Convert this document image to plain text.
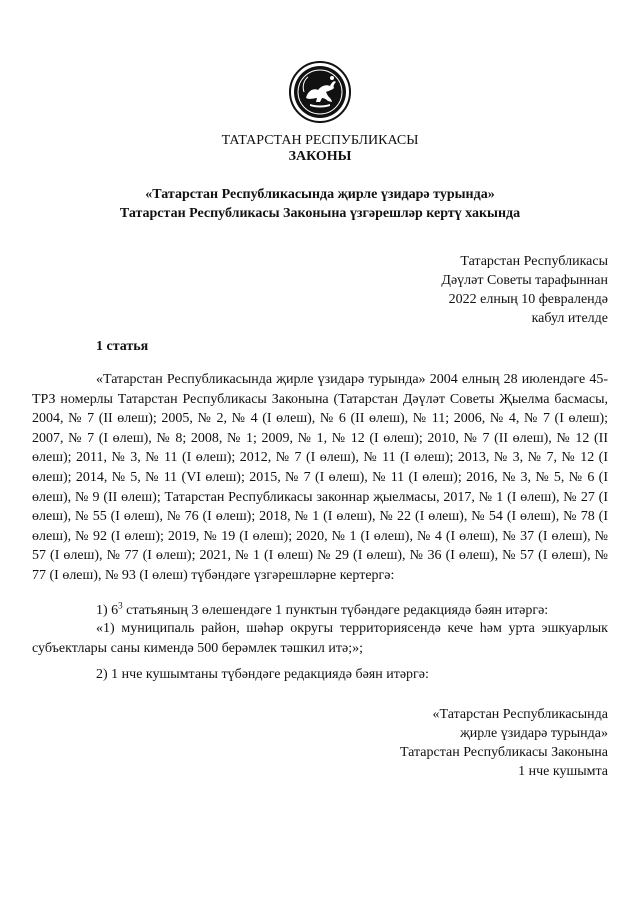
ТАТАРСТАН РЕСПУБЛИКАСЫ
ЗАКОНЫ
«Татарстан Республикасында җирле үзидарә турында»
Татарстан Республикасы Законына үзгәрешләр кертү хакында
Татарстан Республикасы
Дәүләт Советы тарафыннан
2022 елның 10 февралендә
кабул ителде
1 статья
«Татарстан Республикасында җирле үзидарә турында» 2004 елның 28 июлендәге 45-ТРЗ номерлы Татарстан Республикасы Законына (Татарстан Дәүләт Советы Җыелма басмасы, 2004, № 7 (II өлеш); 2005, № 2, № 4 (I өлеш), № 6 (II өлеш), № 11; 2006, № 4, № 7 (I өлеш); 2007, № 7 (I өлеш), № 8; 2008, № 1; 2009, № 1, № 12 (I өлеш); 2010, № 7 (II өлеш), № 12 (II өлеш); 2011, № 3, № 11 (I өлеш); 2012, № 7 (I өлеш), № 11 (I өлеш); 2013, № 3, № 7, № 12 (I өлеш); 2014, № 5, № 11 (VI өлеш); 2015, № 7 (I өлеш), № 11 (I өлеш); 2016, № 3, № 5, № 6 (I өлеш), № 9 (II өлеш); Татарстан Республикасы законнар җыелмасы, 2017, № 1 (I өлеш), № 27 (I өлеш), № 55 (I өлеш), № 76 (I өлеш); 2018, № 1 (I өлеш), № 22 (I өлеш), № 54 (I өлеш), № 78 (I өлеш), № 92 (I өлеш); 2019, № 19 (I өлеш); 2020, № 1 (I өлеш), № 4 (I өлеш), № 37 (I өлеш), № 57 (I өлеш), № 77 (I өлеш); 2021, № 1 (I өлеш) № 29 (I өлеш), № 36 (I өлеш), № 57 (I өлеш), № 77 (I өлеш), № 93 (I өлеш) түбәндәге үзгәрешләрне кертергә:
1) $6^3$ статьяның 3 өлешендәге 1 пунктын түбәндәге редакциядә бәян итәргә:
«1) муниципаль район, шәһәр округы территориясендә кече һәм урта эшкуарлык субъектлары саны кимендә 500 берәмлек тәшкил итә;»;
2) 1 нче кушымтаны түбәндәге редакциядә бәян итәргә:
«Татарстан Республикасында
җирле үзидарә турында»
Татарстан Республикасы Законына
1 нче кушымта
